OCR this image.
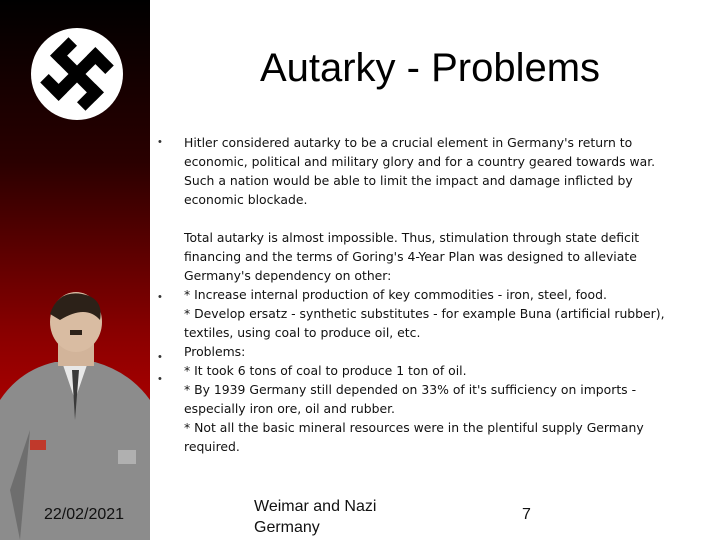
Autarky - Problems
•
•
•
•
Hitler considered autarky to be a crucial element in Germany's return to
economic, political and military glory and for a country geared towards war.
Such a nation would be able to limit the impact and damage inflicted by
economic blockade.
Total autarky is almost impossible. Thus, stimulation through state deficit
financing and the terms of Goring's 4-Year Plan was designed to alleviate
Germany's dependency on other:
* Increase internal production of key commodities - iron, steel, food.
* Develop ersatz - synthetic substitutes - for example Buna (artificial rubber),
textiles, using coal to produce oil, etc.
Problems:
* It took 6 tons of coal to produce 1 ton of oil.
* By 1939 Germany still depended on 33% of it's sufficiency on imports -
especially iron ore, oil and rubber.
* Not all the basic mineral resources were in the plentiful supply Germany
required.
22/02/2021	Weimar and Nazi
Germany
7
